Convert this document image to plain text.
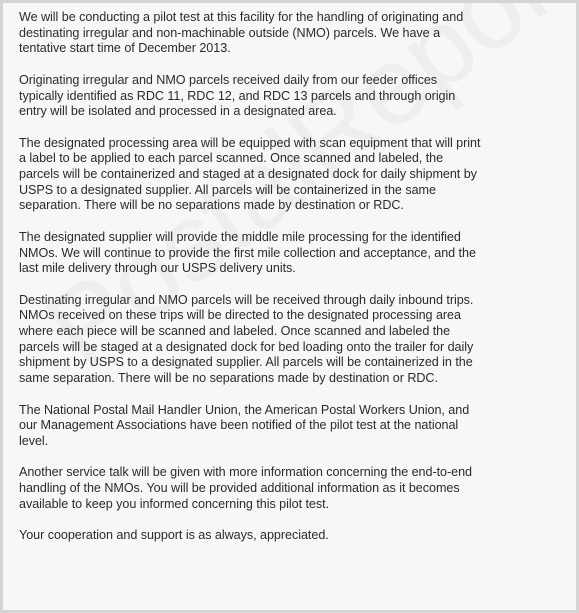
We will be conducting a pilot test at this facility for the handling of originating and
destinating irregular and non-machinable outside (NMO) parcels. We have a
tentative start time of December 2013.

Originating irregular and NMO parcels received daily from our feeder offices
typically identified as RDC 11, RDC 12, and RDC 13 parcels and through origin
entry will be isolated and processed in a designated area.

The designated processing area will be equipped with scan equipment that will print
a label to be applied to each parcel scanned. Once scanned and labeled, the
parcels will be containerized and staged at a designated dock for daily shipment by
USPS to a designated supplier. All parcels will be containerized in the same
separation. There will be no separations made by destination or RDC.

The designated supplier will provide the middle mile processing for the identified
NMOs. We will continue to provide the first mile collection and acceptance, and the
last mile delivery through our USPS delivery units.

Destinating irregular and NMO parcels will be received through daily inbound trips.
NMOs received on these trips will be directed to the designated processing area
where each piece will be scanned and labeled. Once scanned and labeled the
parcels will be staged at a designated dock for bed loading onto the trailer for daily
shipment by USPS to a designated supplier. All parcels will be containerized in the
same separation. There will be no separations made by destination or RDC.

The National Postal Mail Handler Union, the American Postal Workers Union, and
our Management Associations have been notified of the pilot test at the national
level.

Another service talk will be given with more information concerning the end-to-end
handling of the NMOs. You will be provided additional information as it becomes
available to keep you informed concerning this pilot test.

Your cooperation and support is as always, appreciated.
